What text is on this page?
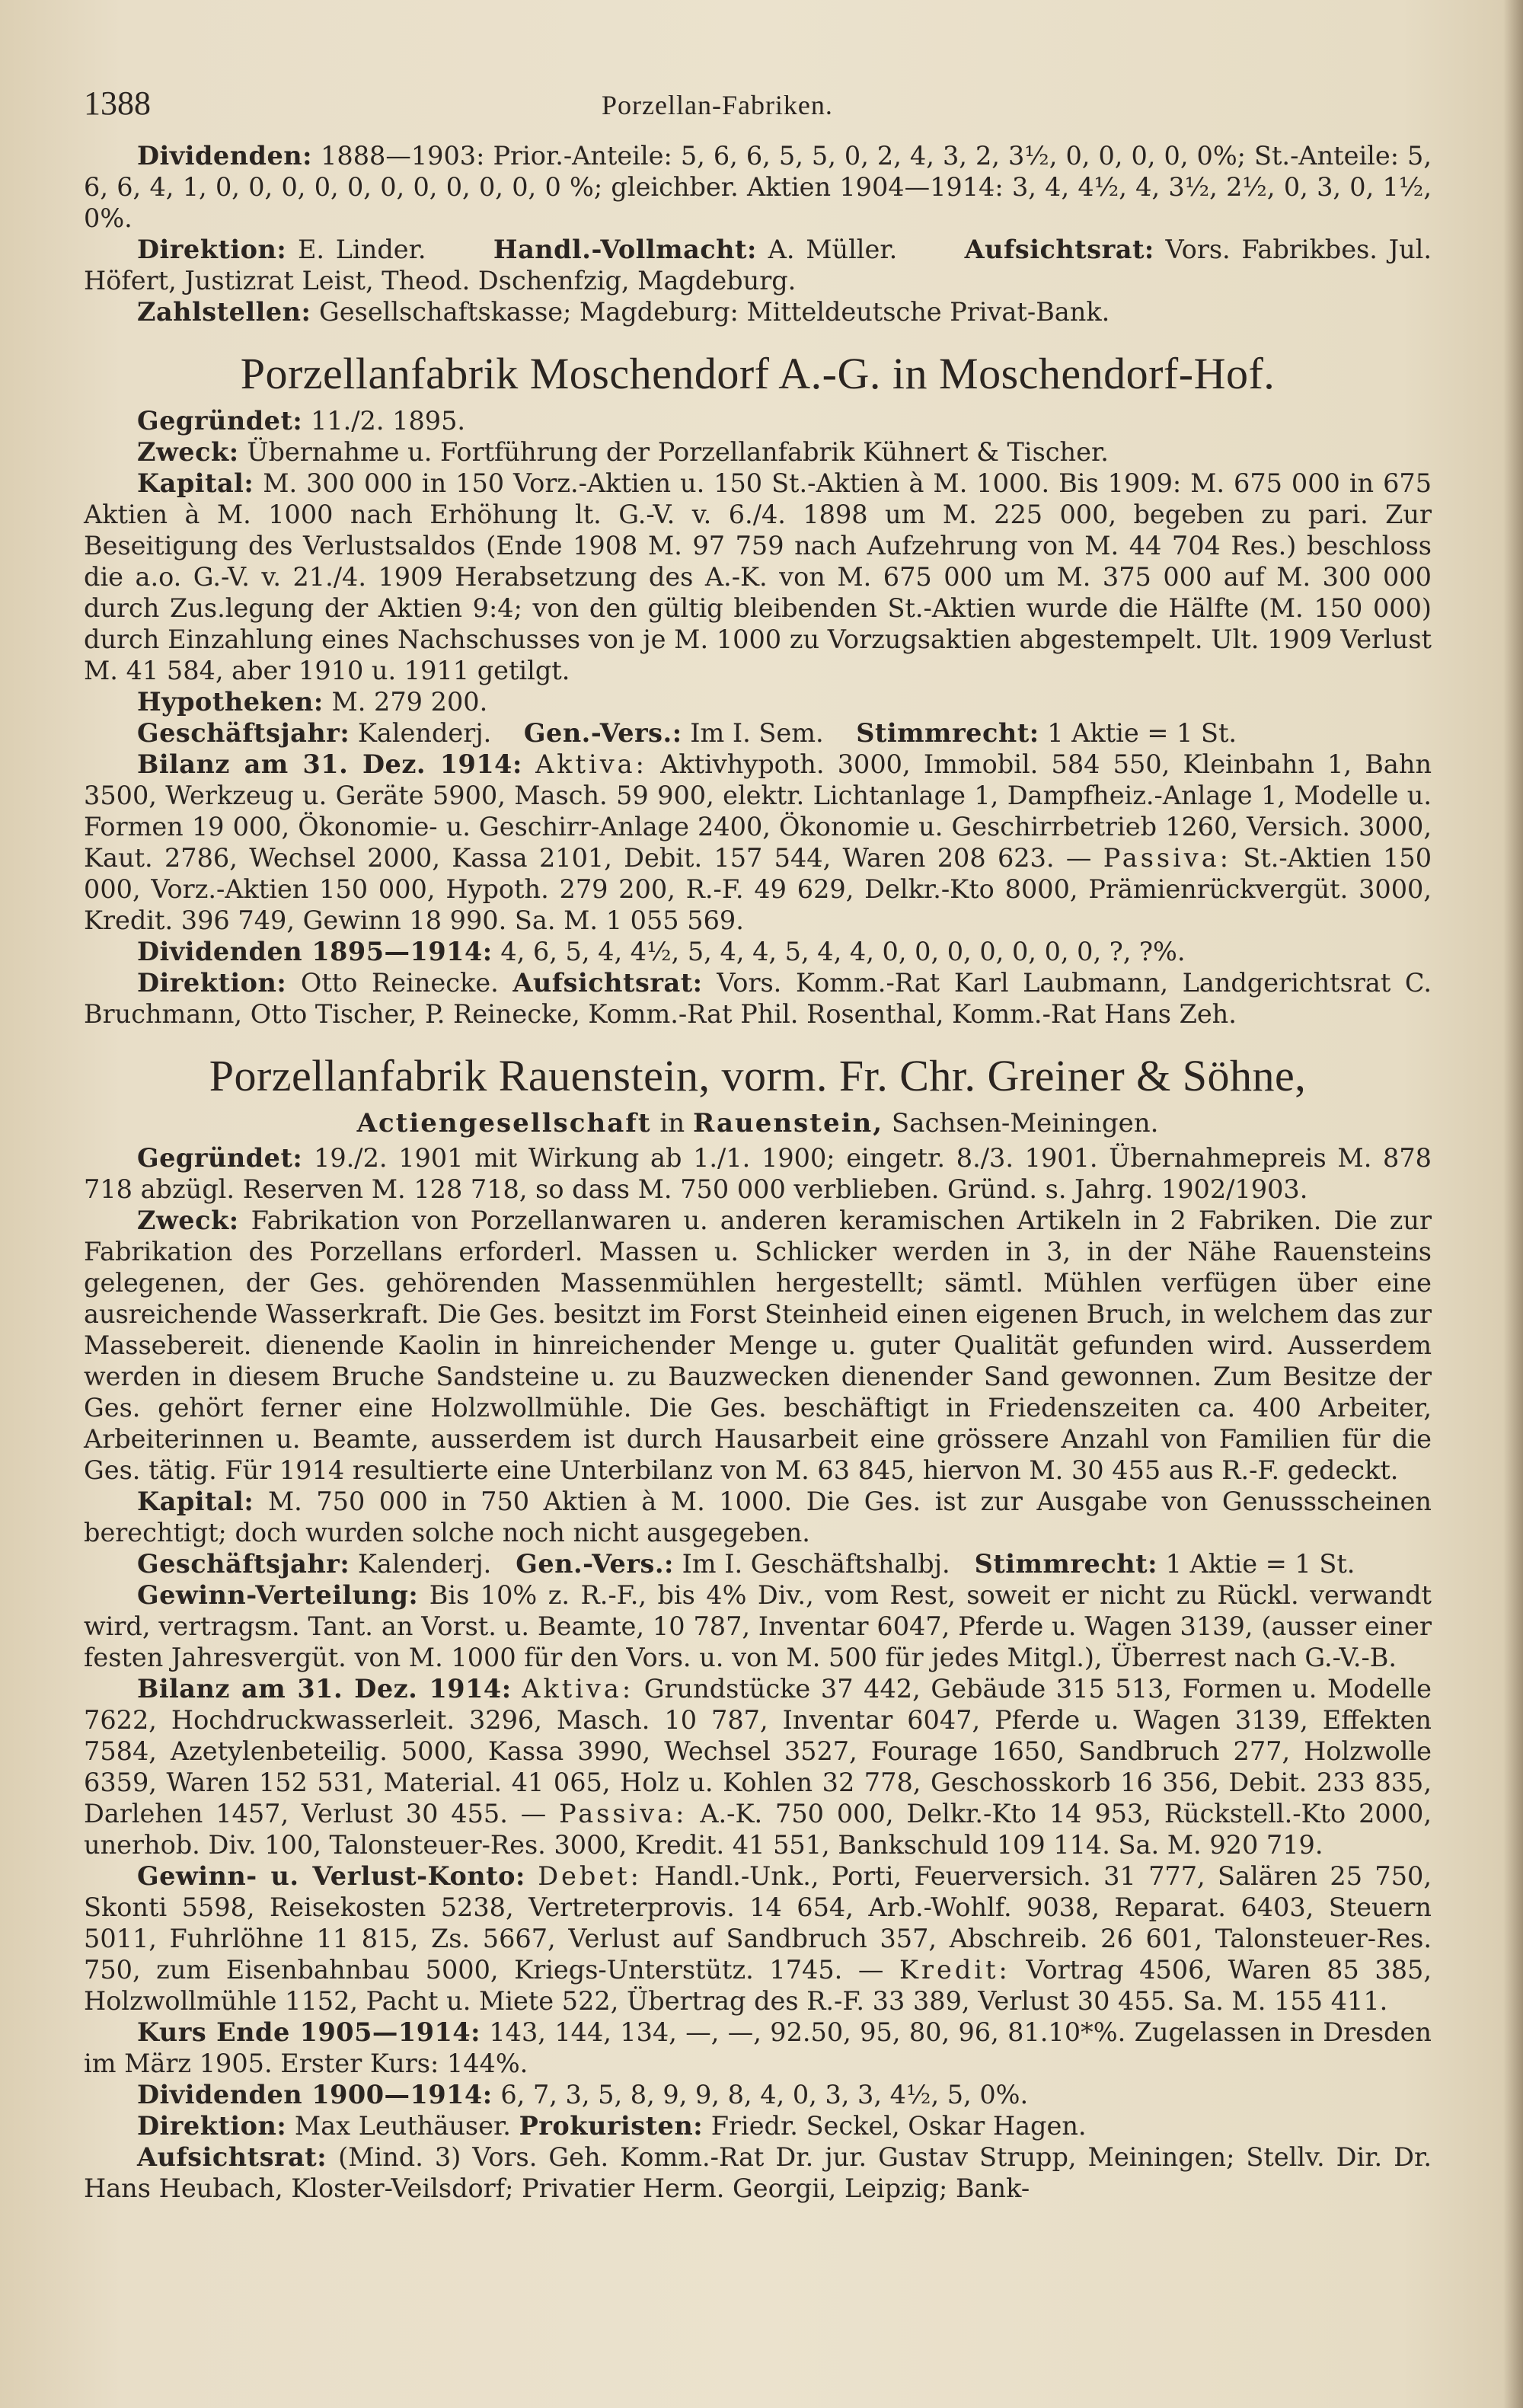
1388	Porzellan-Fabriken.

Dividenden: 1888—1903: Prior.-Anteile: 5, 6, 6, 5, 5, 0, 2, 4, 3, 2, 3½, 0, 0, 0, 0, 0%; St.-Anteile: 5, 6, 6, 4, 1, 0, 0, 0, 0, 0, 0, 0, 0, 0, 0, 0 %; gleichber. Aktien 1904—1914: 3, 4, 4½, 4, 3½, 2½, 0, 3, 0, 1½, 0%.

Direktion: E. Linder.	Handl.-Vollmacht: A. Müller.	Aufsichtsrat: Vors. Fabrikbes. Jul. Höfert, Justizrat Leist, Theod. Dschenfzig, Magdeburg.

Zahlstellen: Gesellschaftskasse; Magdeburg: Mitteldeutsche Privat-Bank.

Porzellanfabrik Moschendorf A.-G. in Moschendorf-Hof.

Gegründet: 11./2. 1895.

Zweck: Übernahme u. Fortführung der Porzellanfabrik Kühnert & Tischer.

Kapital: M. 300 000 in 150 Vorz.-Aktien u. 150 St.-Aktien à M. 1000. Bis 1909: M. 675 000 in 675 Aktien à M. 1000 nach Erhöhung lt. G.-V. v. 6./4. 1898 um M. 225 000, begeben zu pari. Zur Beseitigung des Verlustsaldos (Ende 1908 M. 97 759 nach Aufzehrung von M. 44 704 Res.) beschloss die a.o. G.-V. v. 21./4. 1909 Herabsetzung des A.-K. von M. 675 000 um M. 375 000 auf M. 300 000 durch Zus.legung der Aktien 9:4; von den gültig bleibenden St.-Aktien wurde die Hälfte (M. 150 000) durch Einzahlung eines Nachschusses von je M. 1000 zu Vorzugsaktien abgestempelt. Ult. 1909 Verlust M. 41 584, aber 1910 u. 1911 getilgt.

Hypotheken: M. 279 200.

Geschäftsjahr: Kalenderj. Gen.-Vers.: Im I. Sem. Stimmrecht: 1 Aktie = 1 St.

Bilanz am 31. Dez. 1914: Aktiva: Aktivhypoth. 3000, Immobil. 584 550, Kleinbahn 1, Bahn 3500, Werkzeug u. Geräte 5900, Masch. 59 900, elektr. Lichtanlage 1, Dampfheiz.-Anlage 1, Modelle u. Formen 19 000, Ökonomie- u. Geschirr-Anlage 2400, Ökonomie u. Geschirrbetrieb 1260, Versich. 3000, Kaut. 2786, Wechsel 2000, Kassa 2101, Debit. 157 544, Waren 208 623. — Passiva: St.-Aktien 150 000, Vorz.-Aktien 150 000, Hypoth. 279 200, R.-F. 49 629, Delkr.-Kto 8000, Prämienrückvergüt. 3000, Kredit. 396 749, Gewinn 18 990. Sa. M. 1 055 569.

Dividenden 1895—1914: 4, 6, 5, 4, 4½, 5, 4, 4, 5, 4, 4, 0, 0, 0, 0, 0, 0, 0, ?, ?%.

Direktion: Otto Reinecke. Aufsichtsrat: Vors. Komm.-Rat Karl Laubmann, Landgerichtsrat C. Bruchmann, Otto Tischer, P. Reinecke, Komm.-Rat Phil. Rosenthal, Komm.-Rat Hans Zeh.

Porzellanfabrik Rauenstein, vorm. Fr. Chr. Greiner & Söhne,
Actiengesellschaft in Rauenstein, Sachsen-Meiningen.

Gegründet: 19./2. 1901 mit Wirkung ab 1./1. 1900; eingetr. 8./3. 1901. Übernahmepreis M. 878 718 abzügl. Reserven M. 128 718, so dass M. 750 000 verblieben. Gründ. s. Jahrg. 1902/1903.

Zweck: Fabrikation von Porzellanwaren u. anderen keramischen Artikeln in 2 Fabriken. Die zur Fabrikation des Porzellans erforderl. Massen u. Schlicker werden in 3, in der Nähe Rauensteins gelegenen, der Ges. gehörenden Massenmühlen hergestellt; sämtl. Mühlen verfügen über eine ausreichende Wasserkraft. Die Ges. besitzt im Forst Steinheid einen eigenen Bruch, in welchem das zur Massebereit. dienende Kaolin in hinreichender Menge u. guter Qualität gefunden wird. Ausserdem werden in diesem Bruche Sandsteine u. zu Bauzwecken dienender Sand gewonnen. Zum Besitze der Ges. gehört ferner eine Holzwollmühle. Die Ges. beschäftigt in Friedenszeiten ca. 400 Arbeiter, Arbeiterinnen u. Beamte, ausserdem ist durch Hausarbeit eine grössere Anzahl von Familien für die Ges. tätig. Für 1914 resultierte eine Unterbilanz von M. 63 845, hiervon M. 30 455 aus R.-F. gedeckt.

Kapital: M. 750 000 in 750 Aktien à M. 1000. Die Ges. ist zur Ausgabe von Genussscheinen berechtigt; doch wurden solche noch nicht ausgegeben.

Geschäftsjahr: Kalenderj. Gen.-Vers.: Im I. Geschäftshalbj. Stimmrecht: 1 Aktie = 1 St.

Gewinn-Verteilung: Bis 10% z. R.-F., bis 4% Div., vom Rest, soweit er nicht zu Rückl. verwandt wird, vertragsm. Tant. an Vorst. u. Beamte, 10 787, Inventar 6047, Pferde u. Wagen 3139, (ausser einer festen Jahresvergüt. von M. 1000 für den Vors. u. von M. 500 für jedes Mitgl.), Überrest nach G.-V.-B.

Bilanz am 31. Dez. 1914: Aktiva: Grundstücke 37 442, Gebäude 315 513, Formen u. Modelle 7622, Hochdruckwasserleit. 3296, Masch. 10 787, Inventar 6047, Pferde u. Wagen 3139, Effekten 7584, Azetylenbeteilig. 5000, Kassa 3990, Wechsel 3527, Fourage 1650, Sandbruch 277, Holzwolle 6359, Waren 152 531, Material. 41 065, Holz u. Kohlen 32 778, Geschosskorb 16 356, Debit. 233 835, Darlehen 1457, Verlust 30 455. — Passiva: A.-K. 750 000, Delkr.-Kto 14 953, Rückstell.-Kto 2000, unerhob. Div. 100, Talonsteuer-Res. 3000, Kredit. 41 551, Bankschuld 109 114. Sa. M. 920 719.

Gewinn- u. Verlust-Konto: Debet: Handl.-Unk., Porti, Feuerversich. 31 777, Salären 25 750, Skonti 5598, Reisekosten 5238, Vertreterprovis. 14 654, Arb.-Wohlf. 9038, Reparat. 6403, Steuern 5011, Fuhrlöhne 11 815, Zs. 5667, Verlust auf Sandbruch 357, Abschreib. 26 601, Talonsteuer-Res. 750, zum Eisenbahnbau 5000, Kriegs-Unterstütz. 1745. — Kredit: Vortrag 4506, Waren 85 385, Holzwollmühle 1152, Pacht u. Miete 522, Übertrag des R.-F. 33 389, Verlust 30 455. Sa. M. 155 411.

Kurs Ende 1905—1914: 143, 144, 134, —, —, 92.50, 95, 80, 96, 81.10*%. Zugelassen in Dresden im März 1905. Erster Kurs: 144%.

Dividenden 1900—1914: 6, 7, 3, 5, 8, 9, 9, 8, 4, 0, 3, 3, 4½, 5, 0%.

Direktion: Max Leuthäuser. Prokuristen: Friedr. Seckel, Oskar Hagen.

Aufsichtsrat: (Mind. 3) Vors. Geh. Komm.-Rat Dr. jur. Gustav Strupp, Meiningen; Stellv. Dir. Dr. Hans Heubach, Kloster-Veilsdorf; Privatier Herm. Georgii, Leipzig; Bank-
